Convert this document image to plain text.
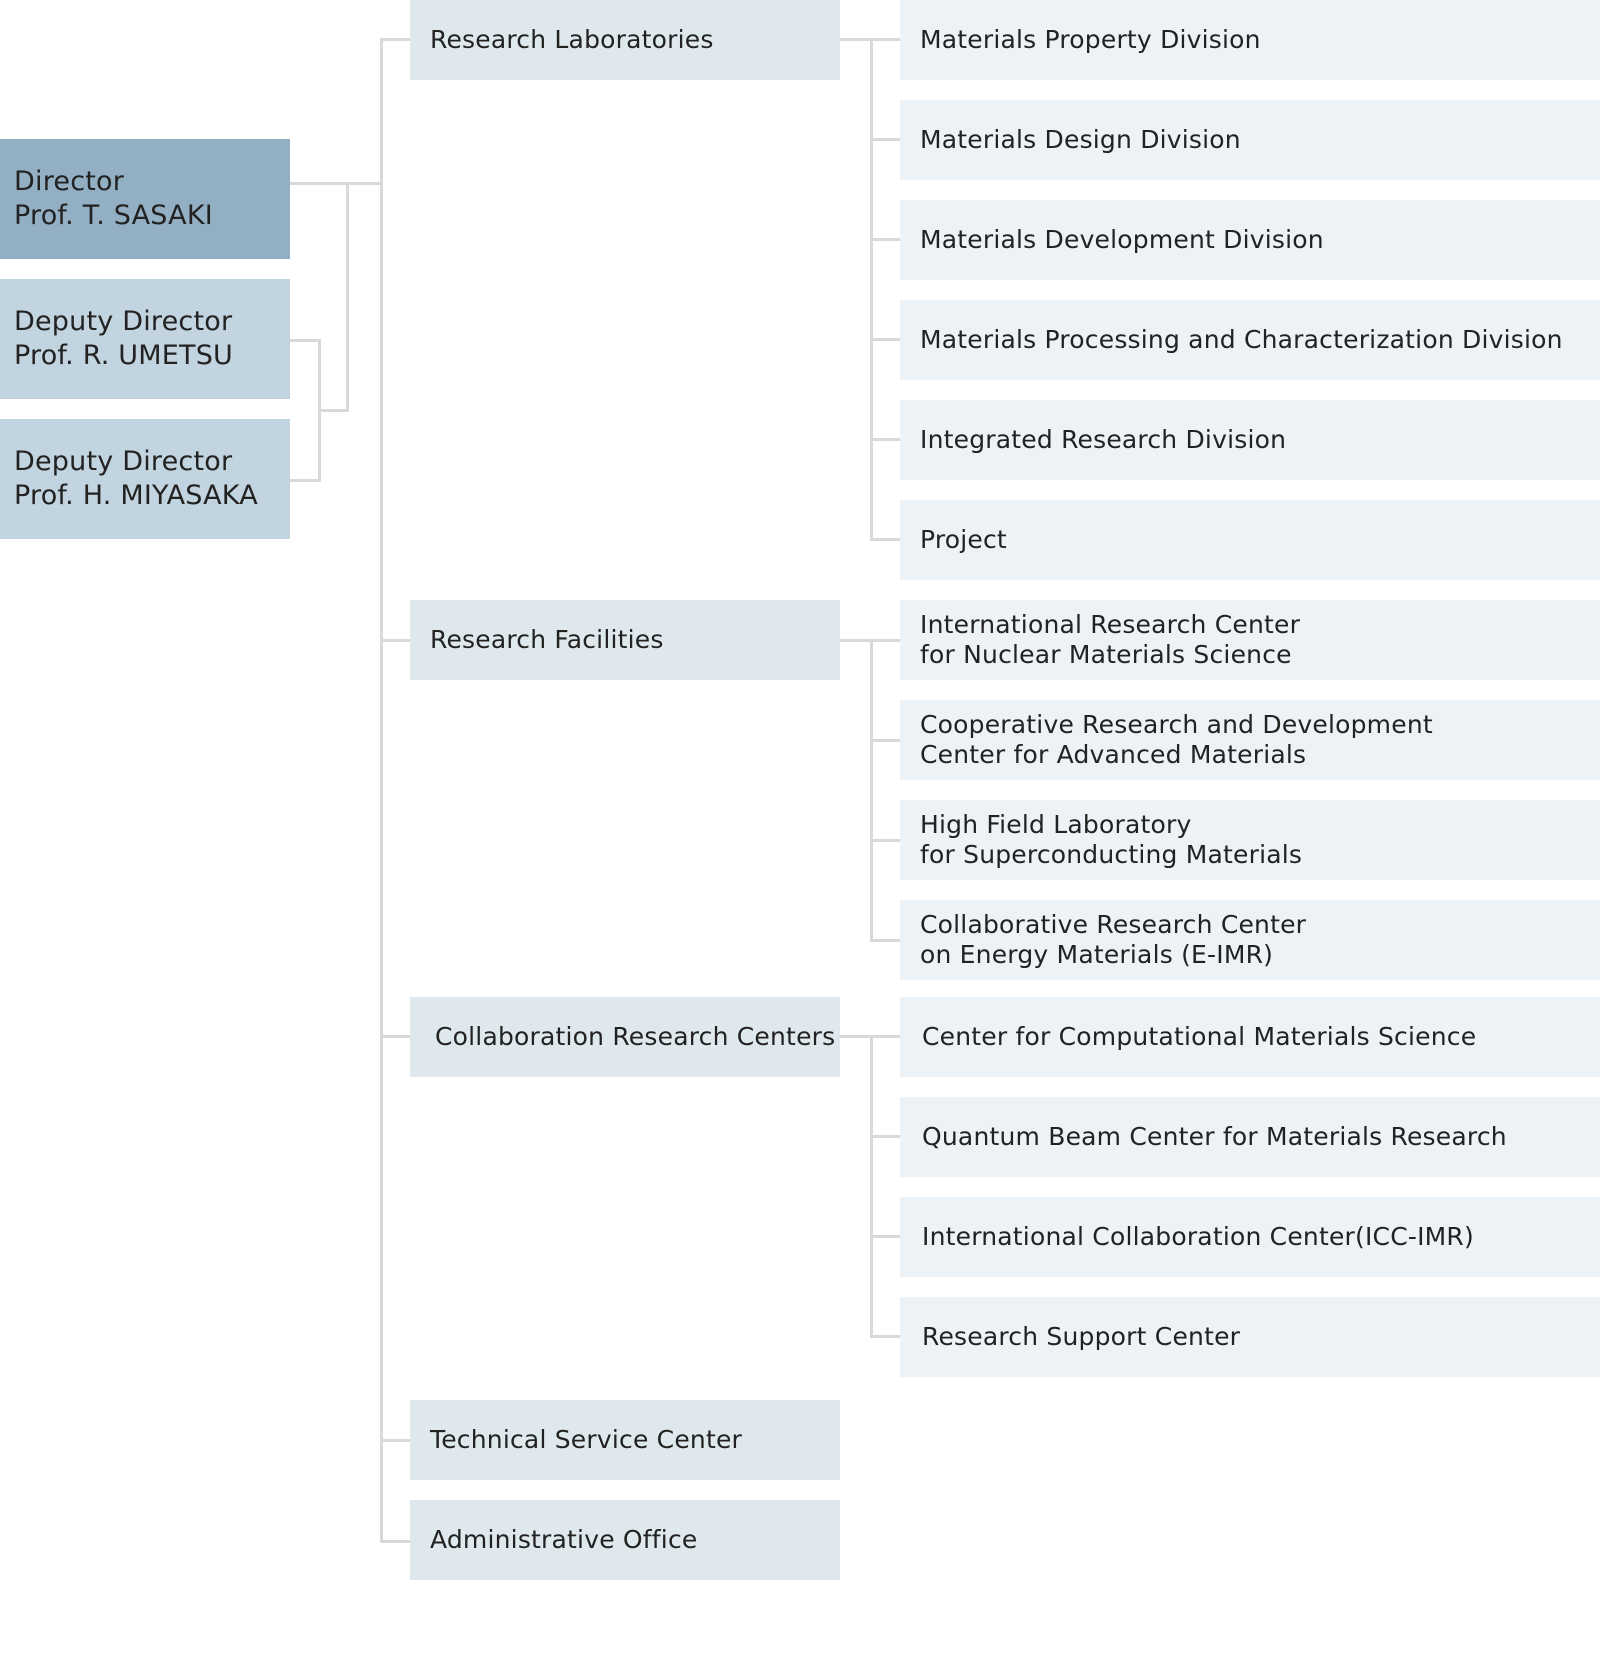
Director
Prof. T. SASAKI
Deputy Director
Prof. R. UMETSU
Deputy Director
Prof. H. MIYASAKA
Research Laboratories
Research Facilities
Collaboration Research Centers
Technical Service Center
Administrative Office
Materials Property Division
Materials Design Division
Materials Development Division
Materials Processing and Characterization Division
Integrated Research Division
Project
International Research Center
for Nuclear Materials Science
Cooperative Research and Development
Center for Advanced Materials
High Field Laboratory
for Superconducting Materials
Collaborative Research Center
on Energy Materials (E-IMR)
Center for Computational Materials Science
Quantum Beam Center for Materials Research
International Collaboration Center(ICC-IMR)
Research Support Center
